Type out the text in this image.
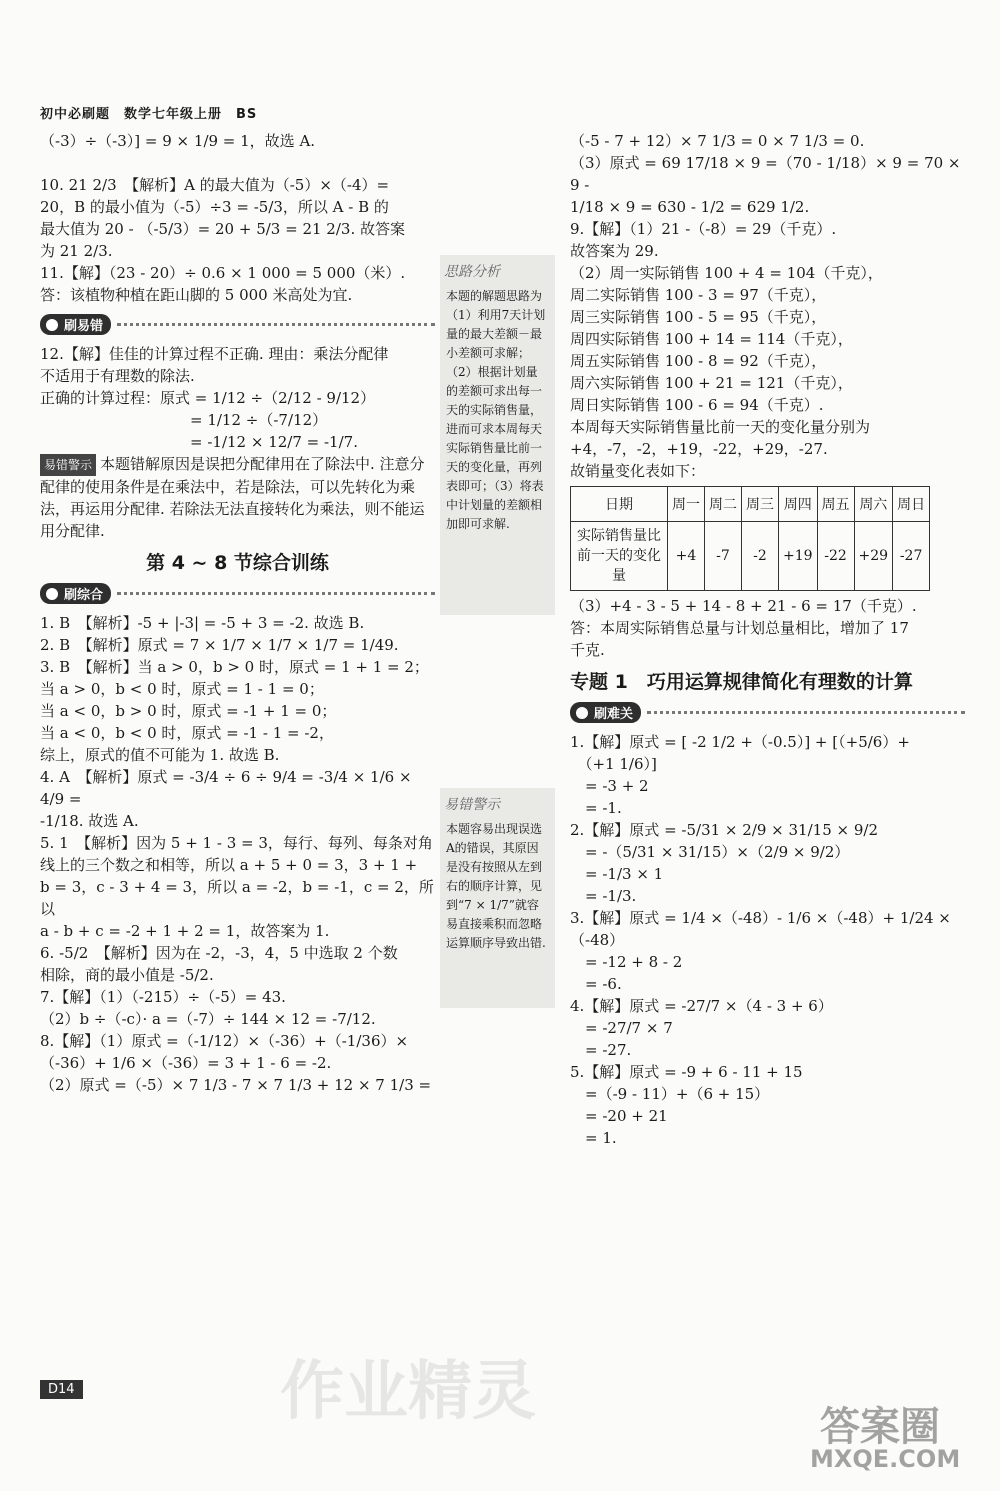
初中必刷题　数学七年级上册　BS

（-3）÷（-3）] = 9 × 1/9 = 1，故选 A.

10. 21 2/3　【解析】A 的最大值为（-5）×（-4）=

20，B 的最小值为（-5）÷3 = -5/3，所以 A - B 的

最大值为 20 - （-5/3）= 20 + 5/3 = 21 2/3. 故答案

为 21 2/3.

11.【解】（23 - 20）÷ 0.6 × 1 000 = 5 000（米）.

答：该植物种植在距山脚的 5 000 米高处为宜.

刷易错

12.【解】佳佳的计算过程不正确. 理由：乘法分配律

不适用于有理数的除法.

正确的计算过程：原式 = 1/12 ÷（2/12 - 9/12）

　　　　　　　　　　= 1/12 ÷（-7/12）

　　　　　　　　　　= -1/12 × 12/7 = -1/7.

易错警示 本题错解原因是误把分配律用在了除法中. 注意分配律的使用条件是在乘法中，若是除法，可以先转化为乘法，再运用分配律. 若除法无法直接转化为乘法，则不能运用分配律.

第 4 ~ 8 节综合训练
刷综合

1. B　【解析】-5 + |-3| = -5 + 3 = -2. 故选 B.

2. B　【解析】原式 = 7 × 1/7 × 1/7 × 1/7 = 1/49.

3. B　【解析】当 a > 0，b > 0 时，原式 = 1 + 1 = 2；

当 a > 0，b < 0 时，原式 = 1 - 1 = 0；

当 a < 0，b > 0 时，原式 = -1 + 1 = 0；

当 a < 0，b < 0 时，原式 = -1 - 1 = -2，

综上，原式的值不可能为 1. 故选 B.

4. A　【解析】原式 = -3/4 ÷ 6 ÷ 9/4 = -3/4 × 1/6 × 4/9 =

-1/18. 故选 A.

5. 1　【解析】因为 5 + 1 - 3 = 3，每行、每列、每条对角

线上的三个数之和相等，所以 a + 5 + 0 = 3，3 + 1 +

b = 3，c - 3 + 4 = 3，所以 a = -2，b = -1，c = 2，所以

a - b + c = -2 + 1 + 2 = 1，故答案为 1.

6. -5/2　【解析】因为在 -2，-3，4，5 中选取 2 个数

相除，商的最小值是 -5/2.

7.【解】（1）（-215）÷（-5）= 43.

（2）b ÷（-c）· a =（-7）÷ 144 × 12 = -7/12.

8.【解】（1）原式 =（-1/12）×（-36）+（-1/36）×

（-36）+ 1/6 ×（-36）= 3 + 1 - 6 = -2.

（2）原式 =（-5）× 7 1/3 - 7 × 7 1/3 + 12 × 7 1/3 =

思路分析

本题的解题思路为（1）利用7天计划量的最大差额－最小差额可求解；（2）根据计划量的差额可求出每一天的实际销售量，进而可求本周每天实际销售量比前一天的变化量，再列表即可；（3）将表中计划量的差额相加即可求解.

易错警示

本题容易出现误选A的错误，其原因是没有按照从左到右的顺序计算，见到“7 × 1/7”就容易直接乘积而忽略运算顺序导致出错.

（-5 - 7 + 12）× 7 1/3 = 0 × 7 1/3 = 0.

（3）原式 = 69 17/18 × 9 =（70 - 1/18）× 9 = 70 × 9 -

1/18 × 9 = 630 - 1/2 = 629 1/2.

9.【解】（1）21 -（-8）= 29（千克）.

故答案为 29.

（2）周一实际销售 100 + 4 = 104（千克），

周二实际销售 100 - 3 = 97（千克），

周三实际销售 100 - 5 = 95（千克），

周四实际销售 100 + 14 = 114（千克），

周五实际销售 100 - 8 = 92（千克），

周六实际销售 100 + 21 = 121（千克），

周日实际销售 100 - 6 = 94（千克）.

本周每天实际销售量比前一天的变化量分别为

+4，-7，-2，+19，-22，+29，-27.

故销量变化表如下：

日期	周一	周二	周三	周四	周五	周六	周日
实际销售量比前一天的变化量	+4	-7	-2	+19	-22	+29	-27

（3）+4 - 3 - 5 + 14 - 8 + 21 - 6 = 17（千克）.

答：本周实际销售总量与计划总量相比，增加了 17

千克.

专题 1　巧用运算规律简化有理数的计算
刷难关

1.【解】原式 = [ -2 1/2 +（-0.5）] + [（+5/6）+

　（+1 1/6）]

　= -3 + 2

　= -1.

2.【解】原式 = -5/31 × 2/9 × 31/15 × 9/2

　= -（5/31 × 31/15）×（2/9 × 9/2）

　= -1/3 × 1

　= -1/3.

3.【解】原式 = 1/4 ×（-48）- 1/6 ×（-48）+ 1/24 ×

（-48）

　= -12 + 8 - 2

　= -6.

4.【解】原式 = -27/7 ×（4 - 3 + 6）

　= -27/7 × 7

　= -27.

5.【解】原式 = -9 + 6 - 11 + 15

　=（-9 - 11）+（6 + 15）

　= -20 + 21

　= 1.

D14	作业精灵	答案圈
MXQE.COM
